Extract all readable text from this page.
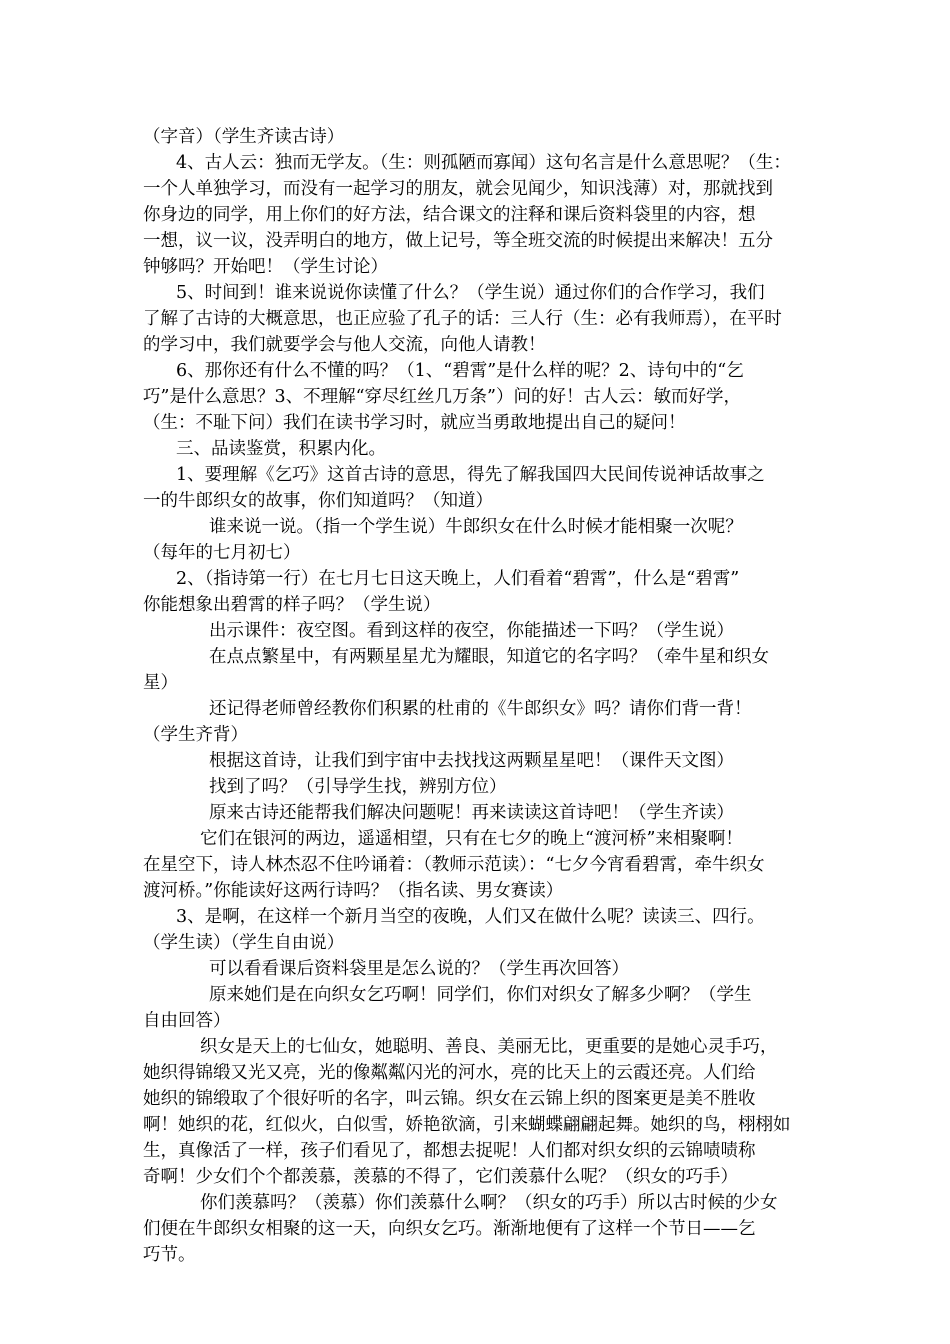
（字音）（学生齐读古诗）
4、古人云：独而无学友。（生：则孤陋而寡闻）这句名言是什么意思呢？（生：
一个人单独学习，而没有一起学习的朋友，就会见闻少，知识浅薄）对，那就找到
你身边的同学，用上你们的好方法，结合课文的注释和课后资料袋里的内容，想
一想，议一议，没弄明白的地方，做上记号，等全班交流的时候提出来解决！五分
钟够吗？开始吧！（学生讨论）
5、时间到！谁来说说你读懂了什么？（学生说）通过你们的合作学习，我们
了解了古诗的大概意思，也正应验了孔子的话：三人行（生：必有我师焉），在平时
的学习中，我们就要学会与他人交流，向他人请教！
6、那你还有什么不懂的吗？（1、“碧霄”是什么样的呢？2、诗句中的“乞
巧”是什么意思？3、不理解“穿尽红丝几万条”）问的好！古人云：敏而好学，
（生：不耻下问）我们在读书学习时，就应当勇敢地提出自己的疑问！
三、品读鉴赏，积累内化。
1、要理解《乞巧》这首古诗的意思，得先了解我国四大民间传说神话故事之
一的牛郎织女的故事，你们知道吗？（知道）
谁来说一说。（指一个学生说）牛郎织女在什么时候才能相聚一次呢？
（每年的七月初七）
2、（指诗第一行）在七月七日这天晚上，人们看着“碧霄”，什么是“碧霄”
你能想象出碧霄的样子吗？（学生说）
出示课件：夜空图。看到这样的夜空，你能描述一下吗？（学生说）
在点点繁星中，有两颗星星尤为耀眼，知道它的名字吗？（牵牛星和织女
星）
还记得老师曾经教你们积累的杜甫的《牛郎织女》吗？请你们背一背！
（学生齐背）
根据这首诗，让我们到宇宙中去找找这两颗星星吧！（课件天文图）
找到了吗？（引导学生找，辨别方位）
原来古诗还能帮我们解决问题呢！再来读读这首诗吧！（学生齐读）
它们在银河的两边，遥遥相望，只有在七夕的晚上“渡河桥”来相聚啊！
在星空下，诗人林杰忍不住吟诵着：（教师示范读）：“七夕今宵看碧霄，牵牛织女
渡河桥。”你能读好这两行诗吗？（指名读、男女赛读）
3、是啊，在这样一个新月当空的夜晚，人们又在做什么呢？读读三、四行。
（学生读）（学生自由说）
可以看看课后资料袋里是怎么说的？（学生再次回答）
原来她们是在向织女乞巧啊！同学们，你们对织女了解多少啊？（学生
自由回答）
织女是天上的七仙女，她聪明、善良、美丽无比，更重要的是她心灵手巧，
她织得锦缎又光又亮，光的像粼粼闪光的河水，亮的比天上的云霞还亮。人们给
她织的锦缎取了个很好听的名字，叫云锦。织女在云锦上织的图案更是美不胜收
啊！她织的花，红似火，白似雪，娇艳欲滴，引来蝴蝶翩翩起舞。她织的鸟，栩栩如
生，真像活了一样，孩子们看见了，都想去捉呢！人们都对织女织的云锦啧啧称
奇啊！少女们个个都羡慕，羡慕的不得了，它们羡慕什么呢？（织女的巧手）
你们羡慕吗？（羡慕）你们羡慕什么啊？（织女的巧手）所以古时候的少女
们便在牛郎织女相聚的这一天，向织女乞巧。渐渐地便有了这样一个节日——乞
巧节。
